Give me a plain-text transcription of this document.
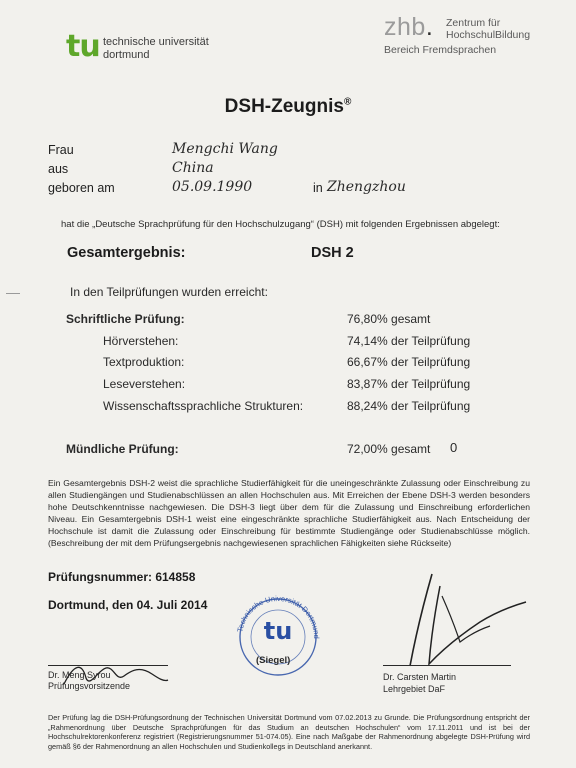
tu technische universität
dortmund
zhb. Zentrum für
HochschulBildung
Bereich Fremdsprachen
DSH-Zeugnis®
Frau	Mengchi Wang
aus	China
geboren am	05.09.1990	in Zhengzhou
hat die „Deutsche Sprachprüfung für den Hochschulzugang“ (DSH) mit folgenden Ergebnissen abgelegt:
Gesamtergebnis:	DSH 2
In den Teilprüfungen wurden erreicht:
Schriftliche Prüfung:	76,80% gesamt
Hörverstehen:	74,14% der Teilprüfung
Textproduktion:	66,67% der Teilprüfung
Leseverstehen:	83,87% der Teilprüfung
Wissenschaftssprachliche Strukturen:	88,24% der Teilprüfung
Mündliche Prüfung:	72,00% gesamt 0
Ein Gesamtergebnis DSH-2 weist die sprachliche Studierfähigkeit für die uneingeschränkte Zulassung oder Einschreibung zu allen Studiengängen und Studienabschlüssen an allen Hochschulen aus. Mit Erreichen der Ebene DSH-3 werden besonders hohe Deutschkenntnisse nachgewiesen. Die DSH-3 liegt über dem für die Zulassung und Einschreibung erforderlichen Niveau. Ein Gesamtergebnis DSH-1 weist eine eingeschränkte sprachliche Studierfähigkeit aus. Nach Entscheidung der Hochschule ist damit die Zulassung oder Einschreibung für bestimmte Studiengänge oder Studienabschlüsse möglich. (Beschreibung der mit dem Prüfungsergebnis nachgewiesenen sprachlichen Fähigkeiten siehe Rückseite)
Prüfungsnummer: 614858
Dortmund, den 04. Juli 2014
Technische Universität Dortmund
tu
(Siegel)
Dr. Meng Syrou
Prüfungsvorsitzende
Dr. Carsten Martin
Lehrgebiet DaF
Der Prüfung lag die DSH-Prüfungsordnung der Technischen Universität Dortmund vom 07.02.2013 zu Grunde. Die Prüfungsordnung entspricht der „Rahmenordnung über Deutsche Sprachprüfungen für das Studium an deutschen Hochschulen“ vom 17.11.2011 und ist bei der Hochschulrektorenkonferenz registriert (Registrierungsnummer 51-074.05). Eine nach Maßgabe der Rahmenordnung abgelegte DSH-Prüfung wird gemäß §6 der Rahmenordnung an allen Hochschulen und Studienkollegs in Deutschland anerkannt.
